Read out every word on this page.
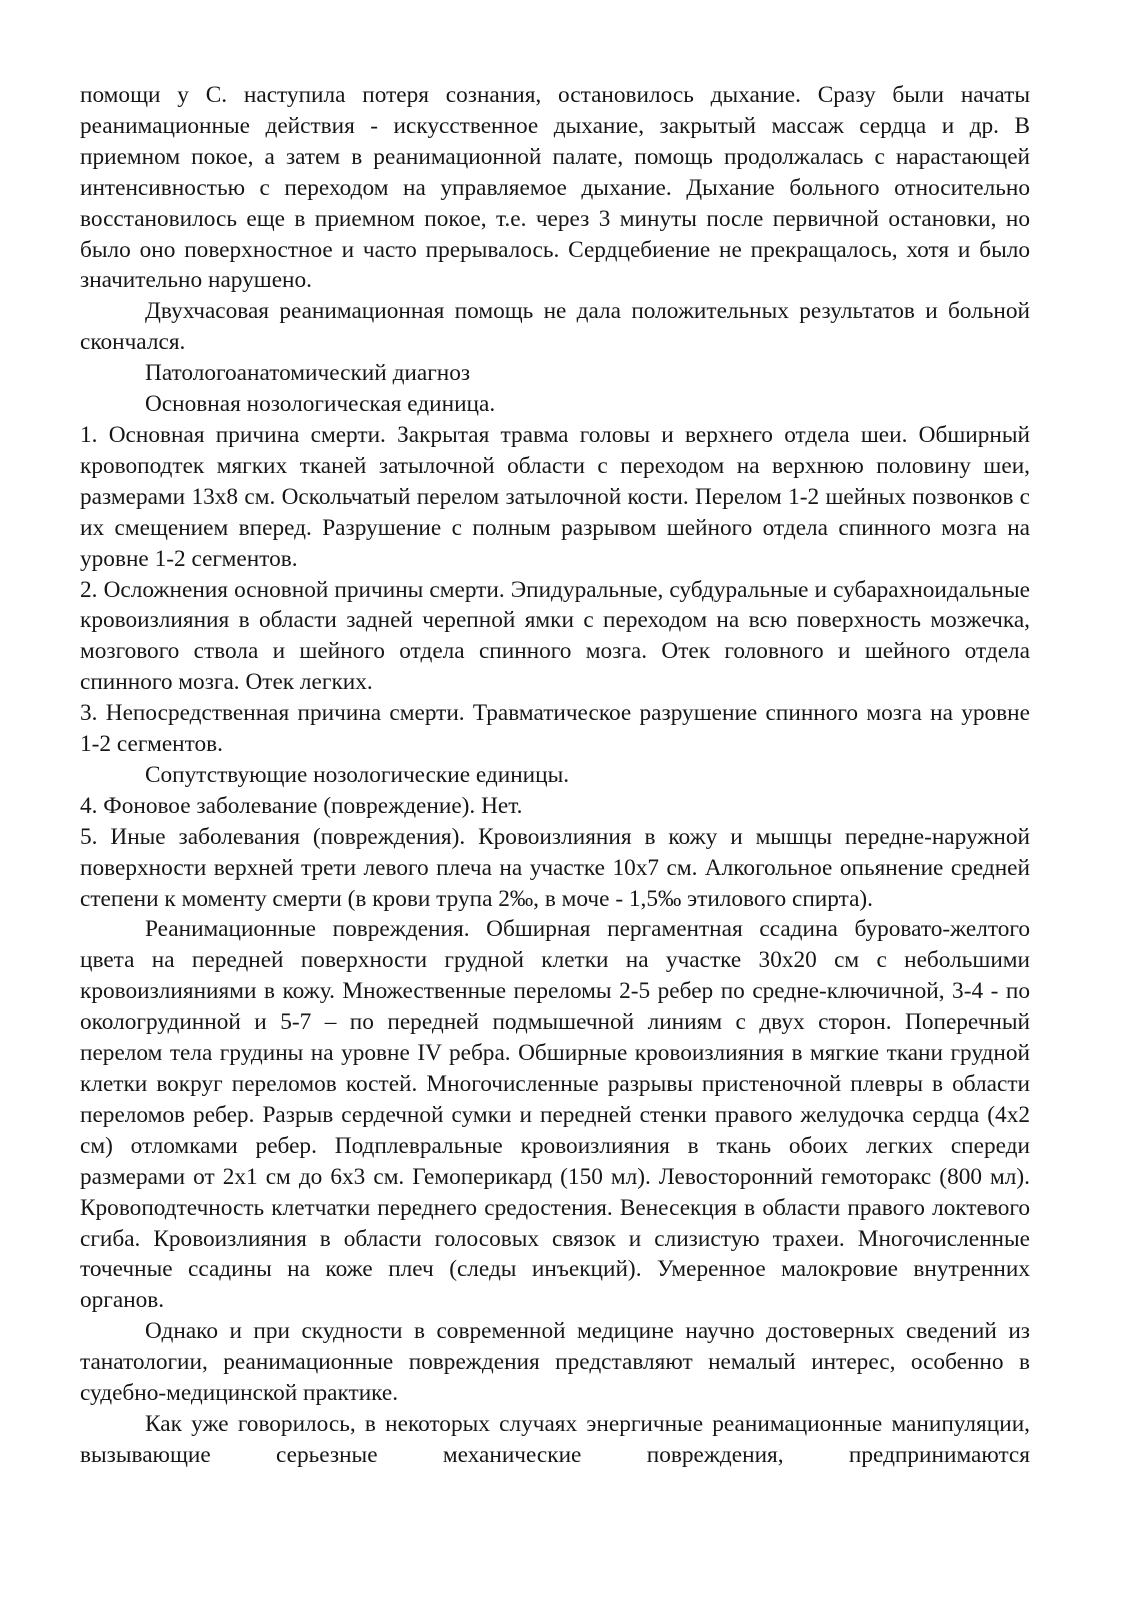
помощи у С. наступила потеря сознания, остановилось дыхание. Сразу были начаты реанимационные действия - искусственное дыхание, закрытый массаж сердца и др. В приемном покое, а затем в реанимационной палате, помощь продолжалась с нарастающей интенсивностью с переходом на управляемое дыхание. Дыхание больного относительно восстановилось еще в приемном покое, т.е. через 3 минуты после первичной остановки, но было оно поверхностное и часто прерывалось. Сердцебиение не прекращалось, хотя и было значительно нарушено.

Двухчасовая реанимационная помощь не дала положительных результатов и больной скончался.

Патологоанатомический диагноз

Основная нозологическая единица.

1. Основная причина смерти. Закрытая травма головы и верхнего отдела шеи. Обширный кровоподтек мягких тканей затылочной области с переходом на верхнюю половину шеи, размерами 13х8 см. Оскольчатый перелом затылочной кости. Перелом 1-2 шейных позвонков с их смещением вперед. Разрушение с полным разрывом шейного отдела спинного мозга на уровне 1-2 сегментов.

2. Осложнения основной причины смерти. Эпидуральные, субдуральные и субарахноидальные кровоизлияния в области задней черепной ямки с переходом на всю поверхность мозжечка, мозгового ствола и шейного отдела спинного мозга. Отек головного и шейного отдела спинного мозга. Отек легких.

3. Непосредственная причина смерти. Травматическое разрушение спинного мозга на уровне 1-2 сегментов.

Сопутствующие нозологические единицы.

4. Фоновое заболевание (повреждение). Нет.

5. Иные заболевания (повреждения). Кровоизлияния в кожу и мышцы передне-наружной поверхности верхней трети левого плеча на участке 10х7 см. Алкогольное опьянение средней степени к моменту смерти (в крови трупа 2‰, в моче - 1,5‰ этилового спирта).

Реанимационные повреждения. Обширная пергаментная ссадина буровато-желтого цвета на передней поверхности грудной клетки на участке 30х20 см с небольшими кровоизлияниями в кожу. Множественные переломы 2-5 ребер по средне-ключичной, 3-4 - по окологрудинной и 5-7 – по передней подмышечной линиям с двух сторон. Поперечный перелом тела грудины на уровне IV ребра. Обширные кровоизлияния в мягкие ткани грудной клетки вокруг переломов костей. Многочисленные разрывы пристеночной плевры в области переломов ребер. Разрыв сердечной сумки и передней стенки правого желудочка сердца (4х2 см) отломками ребер. Подплевральные кровоизлияния в ткань обоих легких спереди размерами от 2х1 см до 6х3 см. Гемоперикард (150 мл). Левосторонний гемоторакс (800 мл). Кровоподтечность клетчатки переднего средостения. Венесекция в области правого локтевого сгиба. Кровоизлияния в области голосовых связок и слизистую трахеи. Многочисленные точечные ссадины на коже плеч (следы инъекций). Умеренное малокровие внутренних органов.

Однако и при скудности в современной медицине научно достоверных сведений из танатологии, реанимационные повреждения представляют немалый интерес, особенно в судебно-медицинской практике.

Как уже говорилось, в некоторых случаях энергичные реанимационные манипуляции, вызывающие серьезные механические повреждения, предпринимаются
